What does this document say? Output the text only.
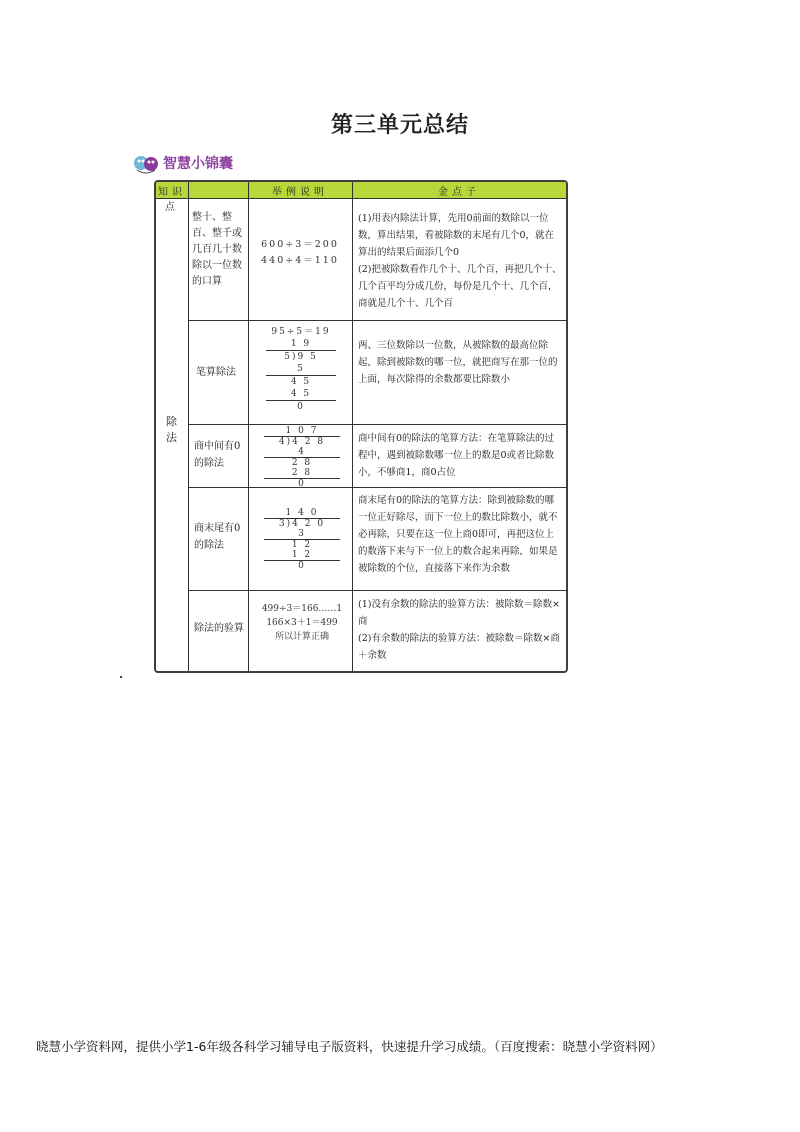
第三单元总结
智慧小锦囊
知识点
举例说明	金点子
除法
整十、整百、整千或几百几十数除以一位数的口算
600÷3＝200
440÷4＝110
(1)用表内除法计算，先用0前面的数除以一位数，算出结果，看被除数的末尾有几个0，就在算出的结果后面添几个0
(2)把被除数看作几个十、几个百，再把几个十、几个百平均分成几份，每份是几个十、几个百，商就是几个十、几个百
笔算除法
95÷5＝19
1 9
5)9 5
5
4 5
4 5
0
两、三位数除以一位数，从被除数的最高位除起，除到被除数的哪一位，就把商写在那一位的上面，每次除得的余数都要比除数小
商中间有0的除法
1 0 7
4)4 2 8
4
2 8
2 8
0
商中间有0的除法的笔算方法：在笔算除法的过程中，遇到被除数哪一位上的数是0或者比除数小，不够商1，商0占位
商末尾有0的除法
1 4 0
3)4 2 0
3
1 2
1 2
0
商末尾有0的除法的笔算方法：除到被除数的哪一位正好除尽，而下一位上的数比除数小，就不必再除，只要在这一位上商0即可，再把这位上的数落下来与下一位上的数合起来再除，如果是被除数的个位，直接落下来作为余数
除法的验算
499÷3＝166……1
166×3＋1＝499
所以计算正确
(1)没有余数的除法的验算方法：被除数＝除数×商
(2)有余数的除法的验算方法：被除数＝除数×商＋余数
晓慧小学资料网，提供小学1-6年级各科学习辅导电子版资料，快速提升学习成绩。（百度搜索：晓慧小学资料网）
